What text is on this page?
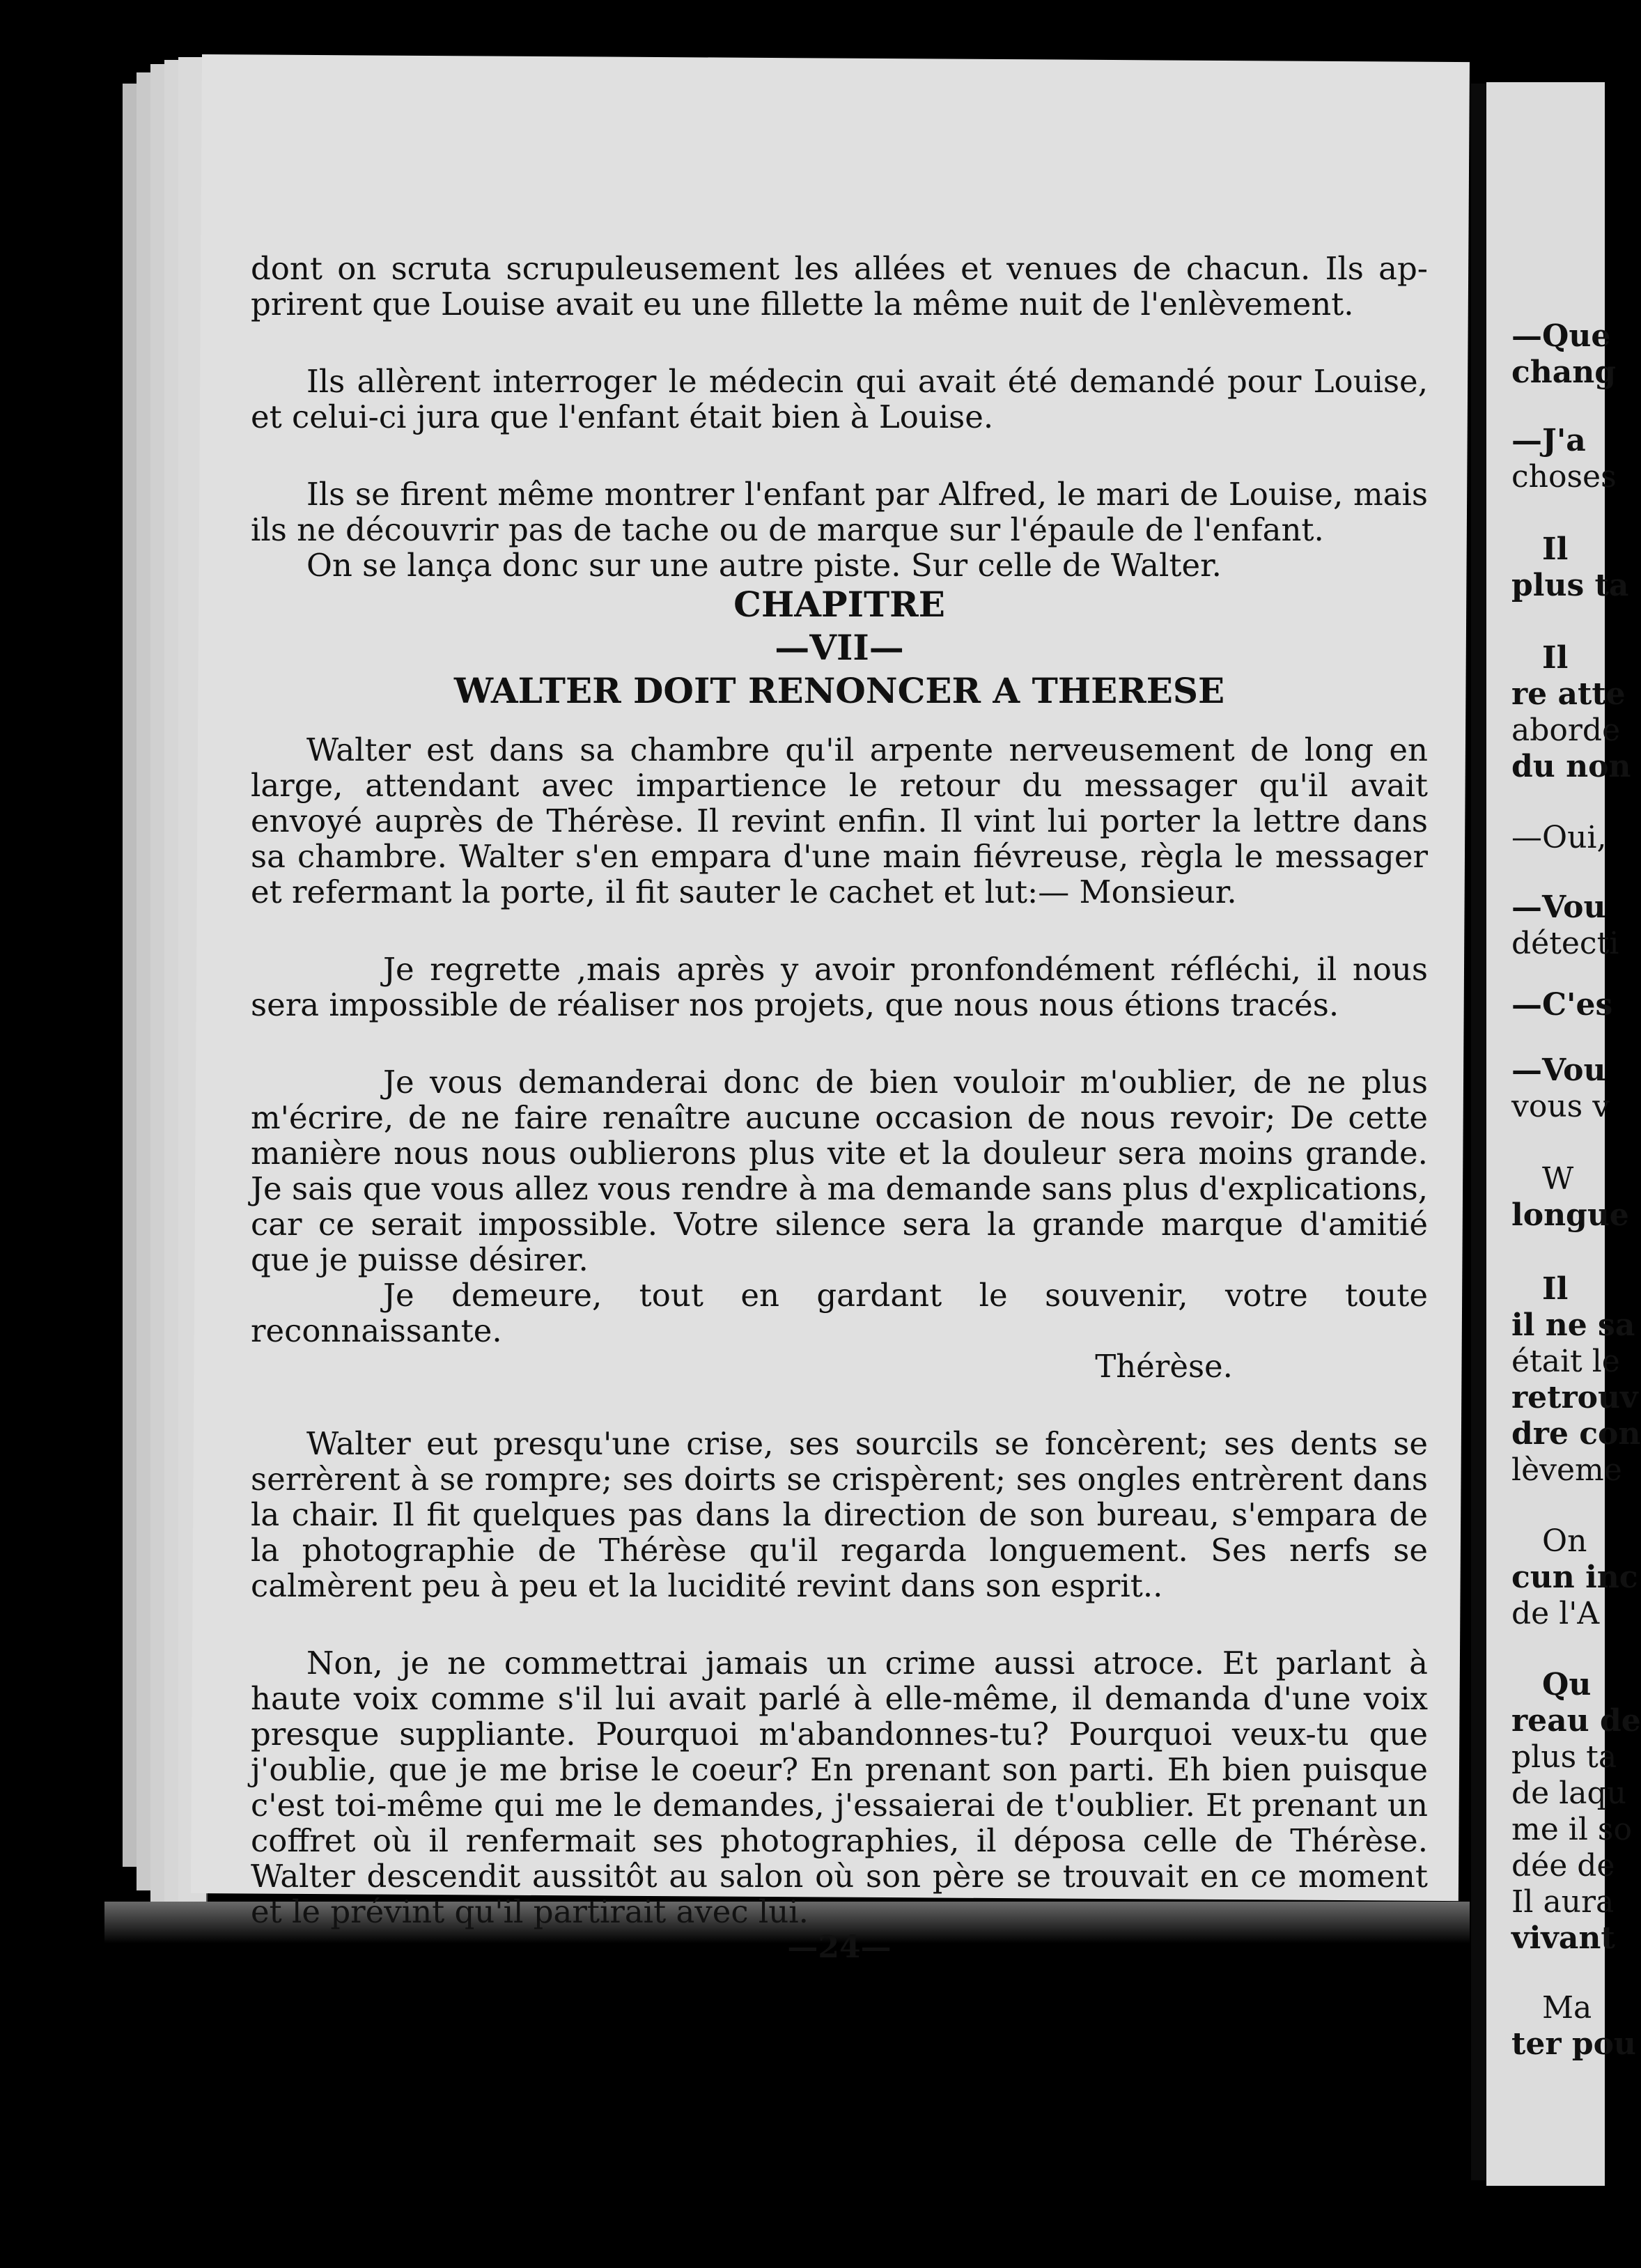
dont on scruta scrupuleusement les allées et venues de chacun. Ils ap-prirent que Louise avait eu une fillette la même nuit de l'enlèvement.

Ils allèrent interroger le médecin qui avait été demandé pour Louise, et celui-ci jura que l'enfant était bien à Louise.

Ils se firent même montrer l'enfant par Alfred, le mari de Louise, mais ils ne découvrir pas de tache ou de marque sur l'épaule de l'enfant.

On se lança donc sur une autre piste. Sur celle de Walter.

CHAPITRE

—VII—

WALTER DOIT RENONCER A THERESE

Walter est dans sa chambre qu'il arpente nerveusement de long en large, attendant avec impartience le retour du messager qu'il avait envoyé auprès de Thérèse. Il revint enfin. Il vint lui porter la lettre dans sa chambre. Walter s'en empara d'une main fiévreuse, règla le messager et refermant la porte, il fit sauter le cachet et lut:— Monsieur.

Je regrette ,mais après y avoir pronfondément réfléchi, il nous sera impossible de réaliser nos projets, que nous nous étions tracés.

Je vous demanderai donc de bien vouloir m'oublier, de ne plus m'écrire, de ne faire renaître aucune occasion de nous revoir; De cette manière nous nous oublierons plus vite et la douleur sera moins grande. Je sais que vous allez vous rendre à ma demande sans plus d'explications, car ce serait impossible. Votre silence sera la grande marque d'amitié que je puisse désirer.

Je demeure, tout en gardant le souvenir, votre toute reconnaissante.

Thérèse.

Walter eut presqu'une crise, ses sourcils se foncèrent; ses dents se serrèrent à se rompre; ses doirts se crispèrent; ses ongles entrèrent dans la chair. Il fit quelques pas dans la direction de son bureau, s'empara de la photographie de Thérèse qu'il regarda longuement. Ses nerfs se calmèrent peu à peu et la lucidité revint dans son esprit..

Non, je ne commettrai jamais un crime aussi atroce. Et parlant à haute voix comme s'il lui avait parlé à elle-même, il demanda d'une voix presque suppliante. Pourquoi m'abandonnes-tu? Pourquoi veux-tu que j'oublie, que je me brise le coeur? En prenant son parti. Eh bien puisque c'est toi-même qui me le demandes, j'essaierai de t'oublier. Et prenant un coffret où il renfermait ses photographies, il déposa celle de Thérèse. Walter descendit aussitôt au salon où son père se trouvait en ce moment et le prévint qu'il partirait avec lui.

—24—

—Que
chang
—J'a
choses
Il
plus ta
Il
re atte
aborde
du non
—Oui,
—Vou
détecti
—C'es
—Vou
vous v
W
longue
Il
il ne sa
était le
retrouv
dre con
lèveme
On
cun inc
de l'A
Qu
reau de
plus ta
de laqu
me il so
dée de
Il aura
vivant
Ma
ter pou
